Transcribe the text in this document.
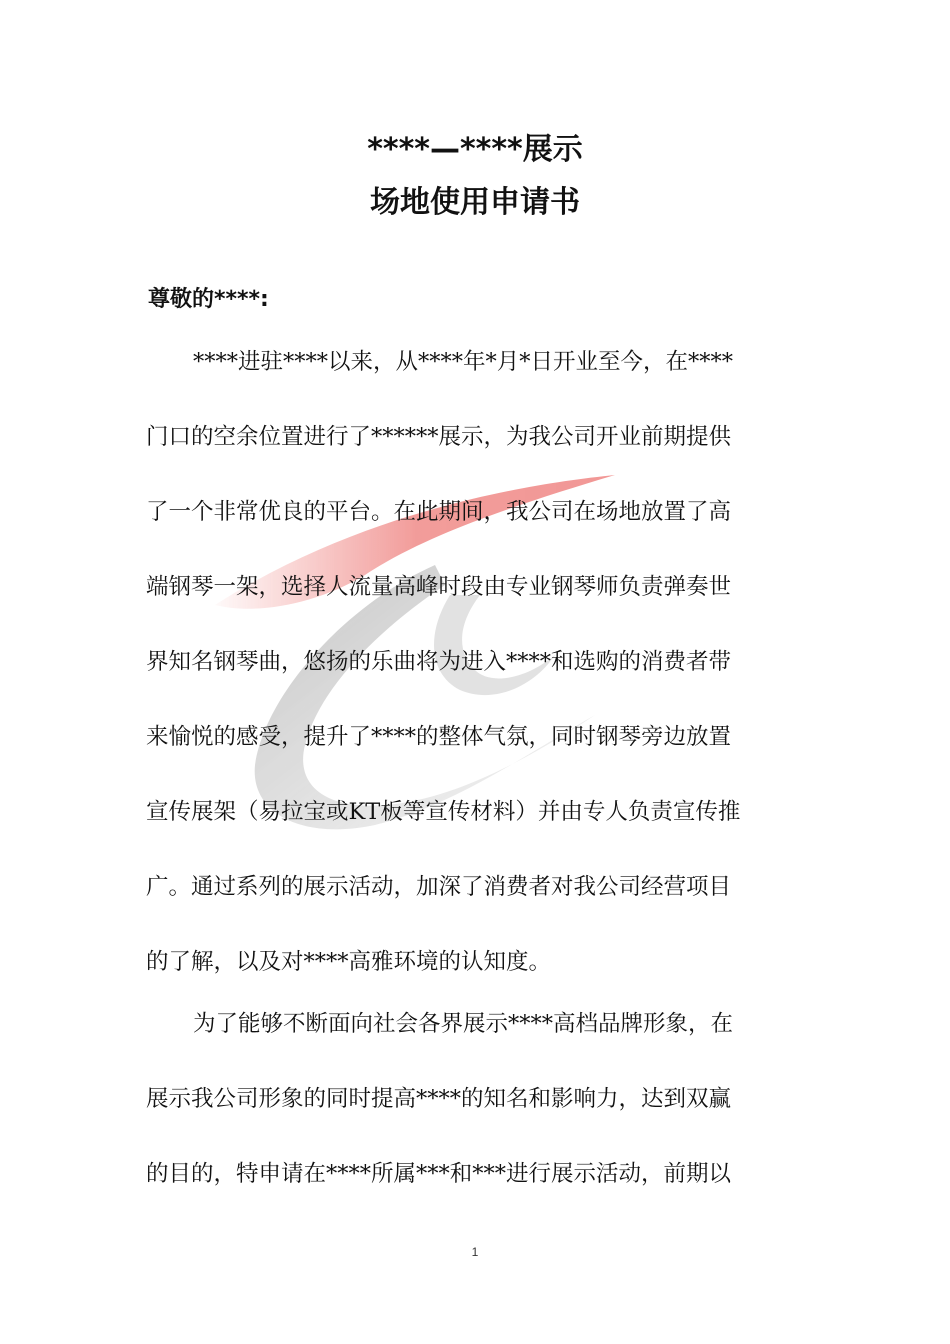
****—****展示
场地使用申请书

尊敬的****:

****进驻****以来，从****年*月*日开业至今，在****

门口的空余位置进行了******展示，为我公司开业前期提供

了一个非常优良的平台。在此期间，我公司在场地放置了高

端钢琴一架，选择人流量高峰时段由专业钢琴师负责弹奏世

界知名钢琴曲，悠扬的乐曲将为进入****和选购的消费者带

来愉悦的感受，提升了****的整体气氛，同时钢琴旁边放置

宣传展架（易拉宝或KT板等宣传材料）并由专人负责宣传推

广。通过系列的展示活动，加深了消费者对我公司经营项目

的了解，以及对****高雅环境的认知度。

为了能够不断面向社会各界展示****高档品牌形象，在

展示我公司形象的同时提高****的知名和影响力，达到双赢

的目的，特申请在****所属***和***进行展示活动，前期以

1
